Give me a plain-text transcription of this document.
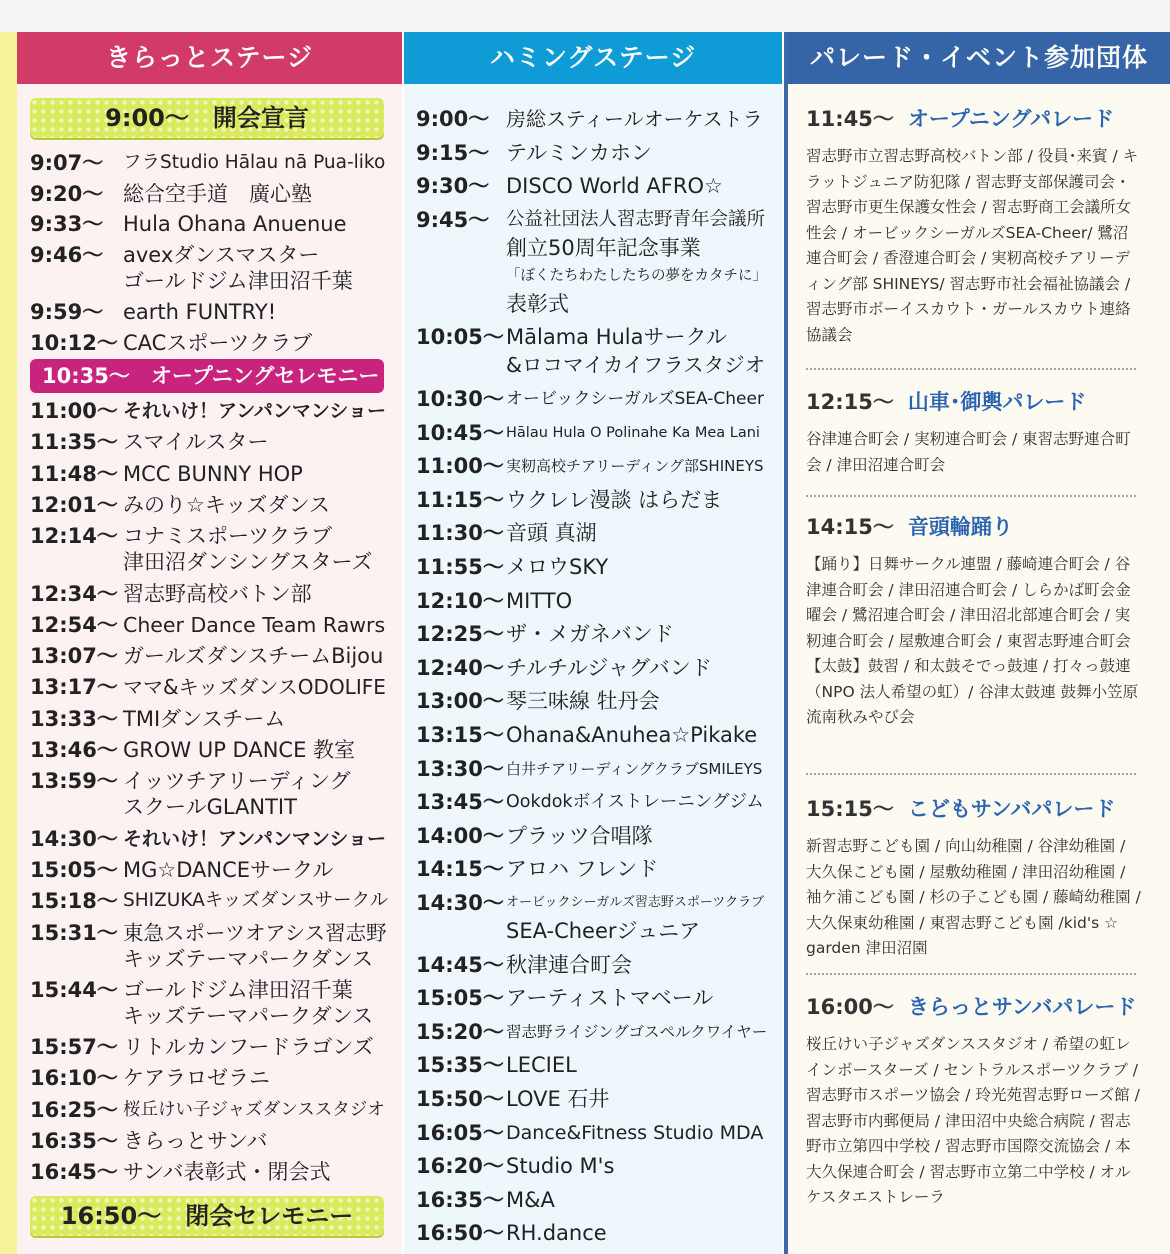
きらっとステージ
9:00〜　開会宣言
9:07〜 フラStudio Hālau nā Pua-liko
9:20〜 総合空手道　廣心塾
9:33〜 Hula Ohana Anuenue
9:46〜 avexダンスマスター
ゴールドジム津田沼千葉
9:59〜 earth FUNTRY!
10:12〜 CACスポーツクラブ
10:35〜　オープニングセレモニー
11:00〜 それいけ！アンパンマンショー
11:35〜 スマイルスター
11:48〜 MCC BUNNY HOP
12:01〜 みのり☆キッズダンス
12:14〜 コナミスポーツクラブ
津田沼ダンシングスターズ
12:34〜 習志野高校バトン部
12:54〜 Cheer Dance Team Rawrs
13:07〜 ガールズダンスチームBijou
13:17〜 ママ&キッズダンスODOLIFE
13:33〜 TMIダンスチーム
13:46〜 GROW UP DANCE 教室
13:59〜 イッツチアリーディング
スクールGLANTIT
14:30〜 それいけ！アンパンマンショー
15:05〜 MG☆DANCEサークル
15:18〜 SHIZUKAキッズダンスサークル
15:31〜 東急スポーツオアシス習志野
キッズテーマパークダンス
15:44〜 ゴールドジム津田沼千葉
キッズテーマパークダンス
15:57〜 リトルカンフードラゴンズ
16:10〜 ケアラロゼラニ
16:25〜 桜丘けい子ジャズダンススタジオ
16:35〜 きらっとサンバ
16:45〜 サンバ表彰式・閉会式
16:50〜　閉会セレモニー
ハミングステージ
9:00〜 房総スティールオーケストラ
9:15〜 テルミンカホン
9:30〜 DISCO World AFRO☆
9:45〜 公益社団法人習志野青年会議所
創立50周年記念事業
「ぼくたちわたしたちの夢をカタチに」
表彰式
10:05〜 Mālama Hulaサークル
&ロコマイカイフラスタジオ
10:30〜 オービックシーガルズSEA-Cheer
10:45〜 Hālau Hula O Polinahe Ka Mea Lani
11:00〜 実籾高校チアリーディング部SHINEYS
11:15〜 ウクレレ漫談 はらだま
11:30〜 音頭 真湖
11:55〜 メロウSKY
12:10〜 MITTO
12:25〜 ザ・メガネバンド
12:40〜 チルチルジャグバンド
13:00〜 琴三味線 牡丹会
13:15〜 Ohana&Anuhea☆Pikake
13:30〜 白井チアリーディングクラブSMILEYS
13:45〜 Ookdokボイストレーニングジム
14:00〜 プラッツ合唱隊
14:15〜 アロハ フレンド
14:30〜 オービックシーガルズ習志野スポーツクラブ
SEA-Cheerジュニア
14:45〜 秋津連合町会
15:05〜 アーティストマベール
15:20〜 習志野ライジングゴスペルクワイヤー
15:35〜 LECIEL
15:50〜 LOVE 石井
16:05〜 Dance&Fitness Studio MDA
16:20〜 Studio M's
16:35〜 M&A
16:50〜 RH.dance
パレード・イベント参加団体
11:45〜 オープニングパレード
習志野市立習志野高校バトン部 / 役員･来賓 / キラットジュニア防犯隊 / 習志野支部保護司会・習志野市更生保護女性会 / 習志野商工会議所女性会 / オービックシーガルズSEA-Cheer/ 鷺沼連合町会 / 香澄連合町会 / 実籾高校チアリーディング部 SHINEYS/ 習志野市社会福祉協議会 / 習志野市ボーイスカウト・ガールスカウト連絡協議会
12:15〜 山車･御輿パレード
谷津連合町会 / 実籾連合町会 / 東習志野連合町会 / 津田沼連合町会
14:15〜 音頭輪踊り
【踊り】日舞サークル連盟 / 藤崎連合町会 / 谷津連合町会 / 津田沼連合町会 / しらかば町会金曜会 / 鷺沼連合町会 / 津田沼北部連合町会 / 実籾連合町会 / 屋敷連合町会 / 東習志野連合町会
【太鼓】鼓習 / 和太鼓そでっ鼓連 / 打々っ鼓連（NPO 法人希望の虹）/ 谷津太鼓連 鼓舞小笠原流南秋みやび会
15:15〜 こどもサンバパレード
新習志野こども園 / 向山幼稚園 / 谷津幼稚園 / 大久保こども園 / 屋敷幼稚園 / 津田沼幼稚園 / 袖ケ浦こども園 / 杉の子こども園 / 藤崎幼稚園 / 大久保東幼稚園 / 東習志野こども園 /kid's ☆ garden 津田沼園
16:00〜 きらっとサンバパレード
桜丘けい子ジャズダンススタジオ / 希望の虹レインボースターズ / セントラルスポーツクラブ / 習志野市スポーツ協会 / 玲光苑習志野ローズ館 / 習志野市内郵便局 / 津田沼中央総合病院 / 習志野市立第四中学校 / 習志野市国際交流協会 / 本大久保連合町会 / 習志野市立第二中学校 / オルケスタエストレーラ
